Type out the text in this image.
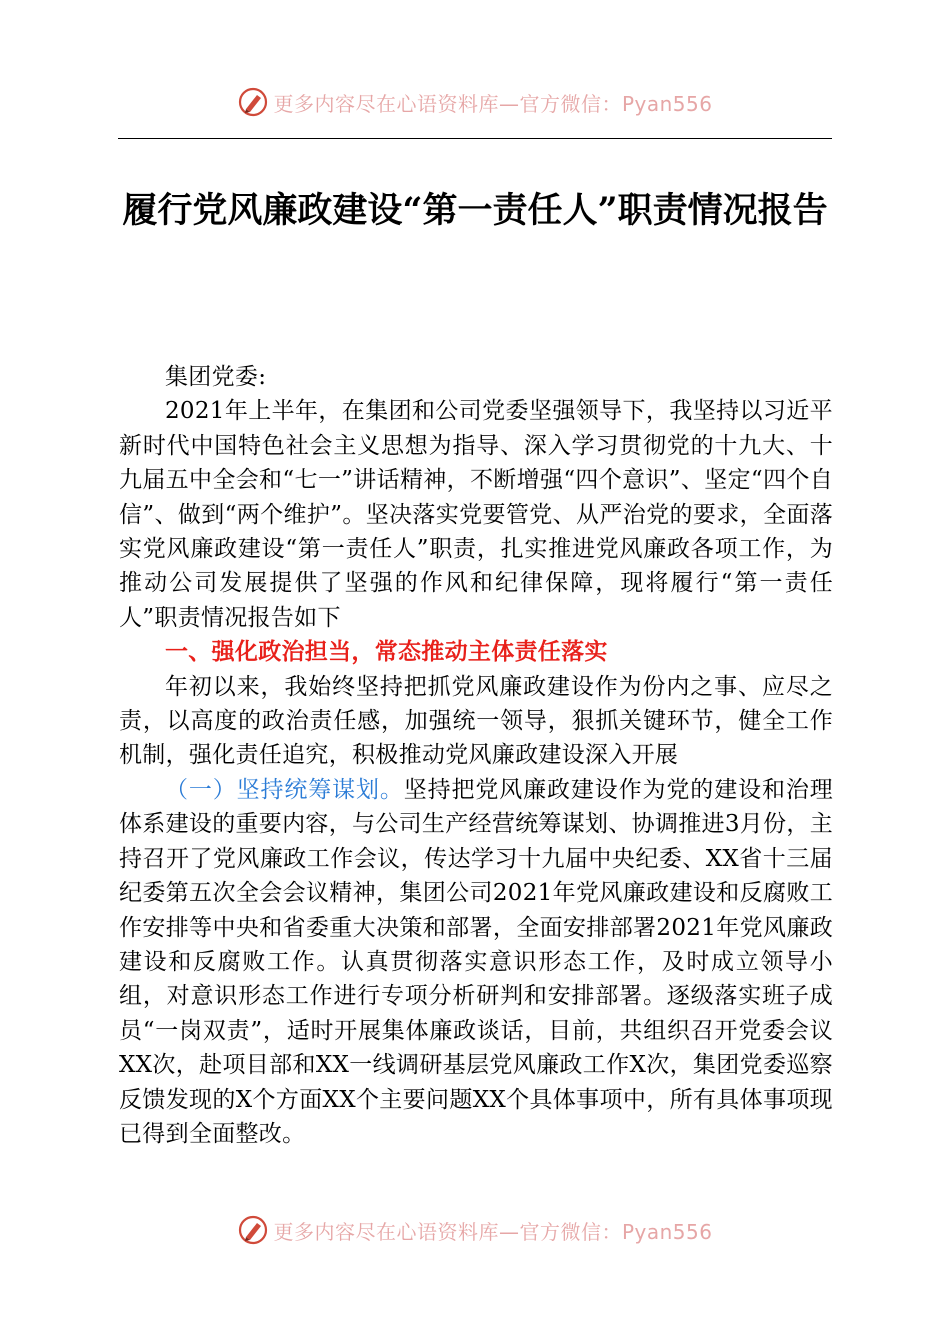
更多内容尽在心语资料库—官方微信：Pyan556
履行党风廉政建设“第一责任人”职责情况报告

集团党委:

2021年上半年，在集团和公司党委坚强领导下，我坚持以习近平新时代中国特色社会主义思想为指导、深入学习贯彻党的十九大、十九届五中全会和“七一”讲话精神，不断增强“四个意识”、坚定“四个自信”、做到“两个维护”。坚决落实党要管党、从严治党的要求，全面落实党风廉政建设“第一责任人”职责，扎实推进党风廉政各项工作，为推动公司发展提供了坚强的作风和纪律保障，现将履行“第一责任人”职责情况报告如下

一、强化政治担当，常态推动主体责任落实

年初以来，我始终坚持把抓党风廉政建设作为份内之事、应尽之责，以高度的政治责任感，加强统一领导，狠抓关键环节，健全工作机制，强化责任追究，积极推动党风廉政建设深入开展

（一）坚持统筹谋划。坚持把党风廉政建设作为党的建设和治理体系建设的重要内容，与公司生产经营统筹谋划、协调推进3月份，主持召开了党风廉政工作会议，传达学习十九届中央纪委、XX省十三届纪委第五次全会会议精神，集团公司2021年党风廉政建设和反腐败工作安排等中央和省委重大决策和部署，全面安排部署2021年党风廉政建设和反腐败工作。认真贯彻落实意识形态工作，及时成立领导小组，对意识形态工作进行专项分析研判和安排部署。逐级落实班子成员“一岗双责”，适时开展集体廉政谈话，目前，共组织召开党委会议XX次，赴项目部和XX一线调研基层党风廉政工作X次，集团党委巡察反馈发现的X个方面XX个主要问题XX个具体事项中，所有具体事项现已得到全面整改。

更多内容尽在心语资料库—官方微信：Pyan556
